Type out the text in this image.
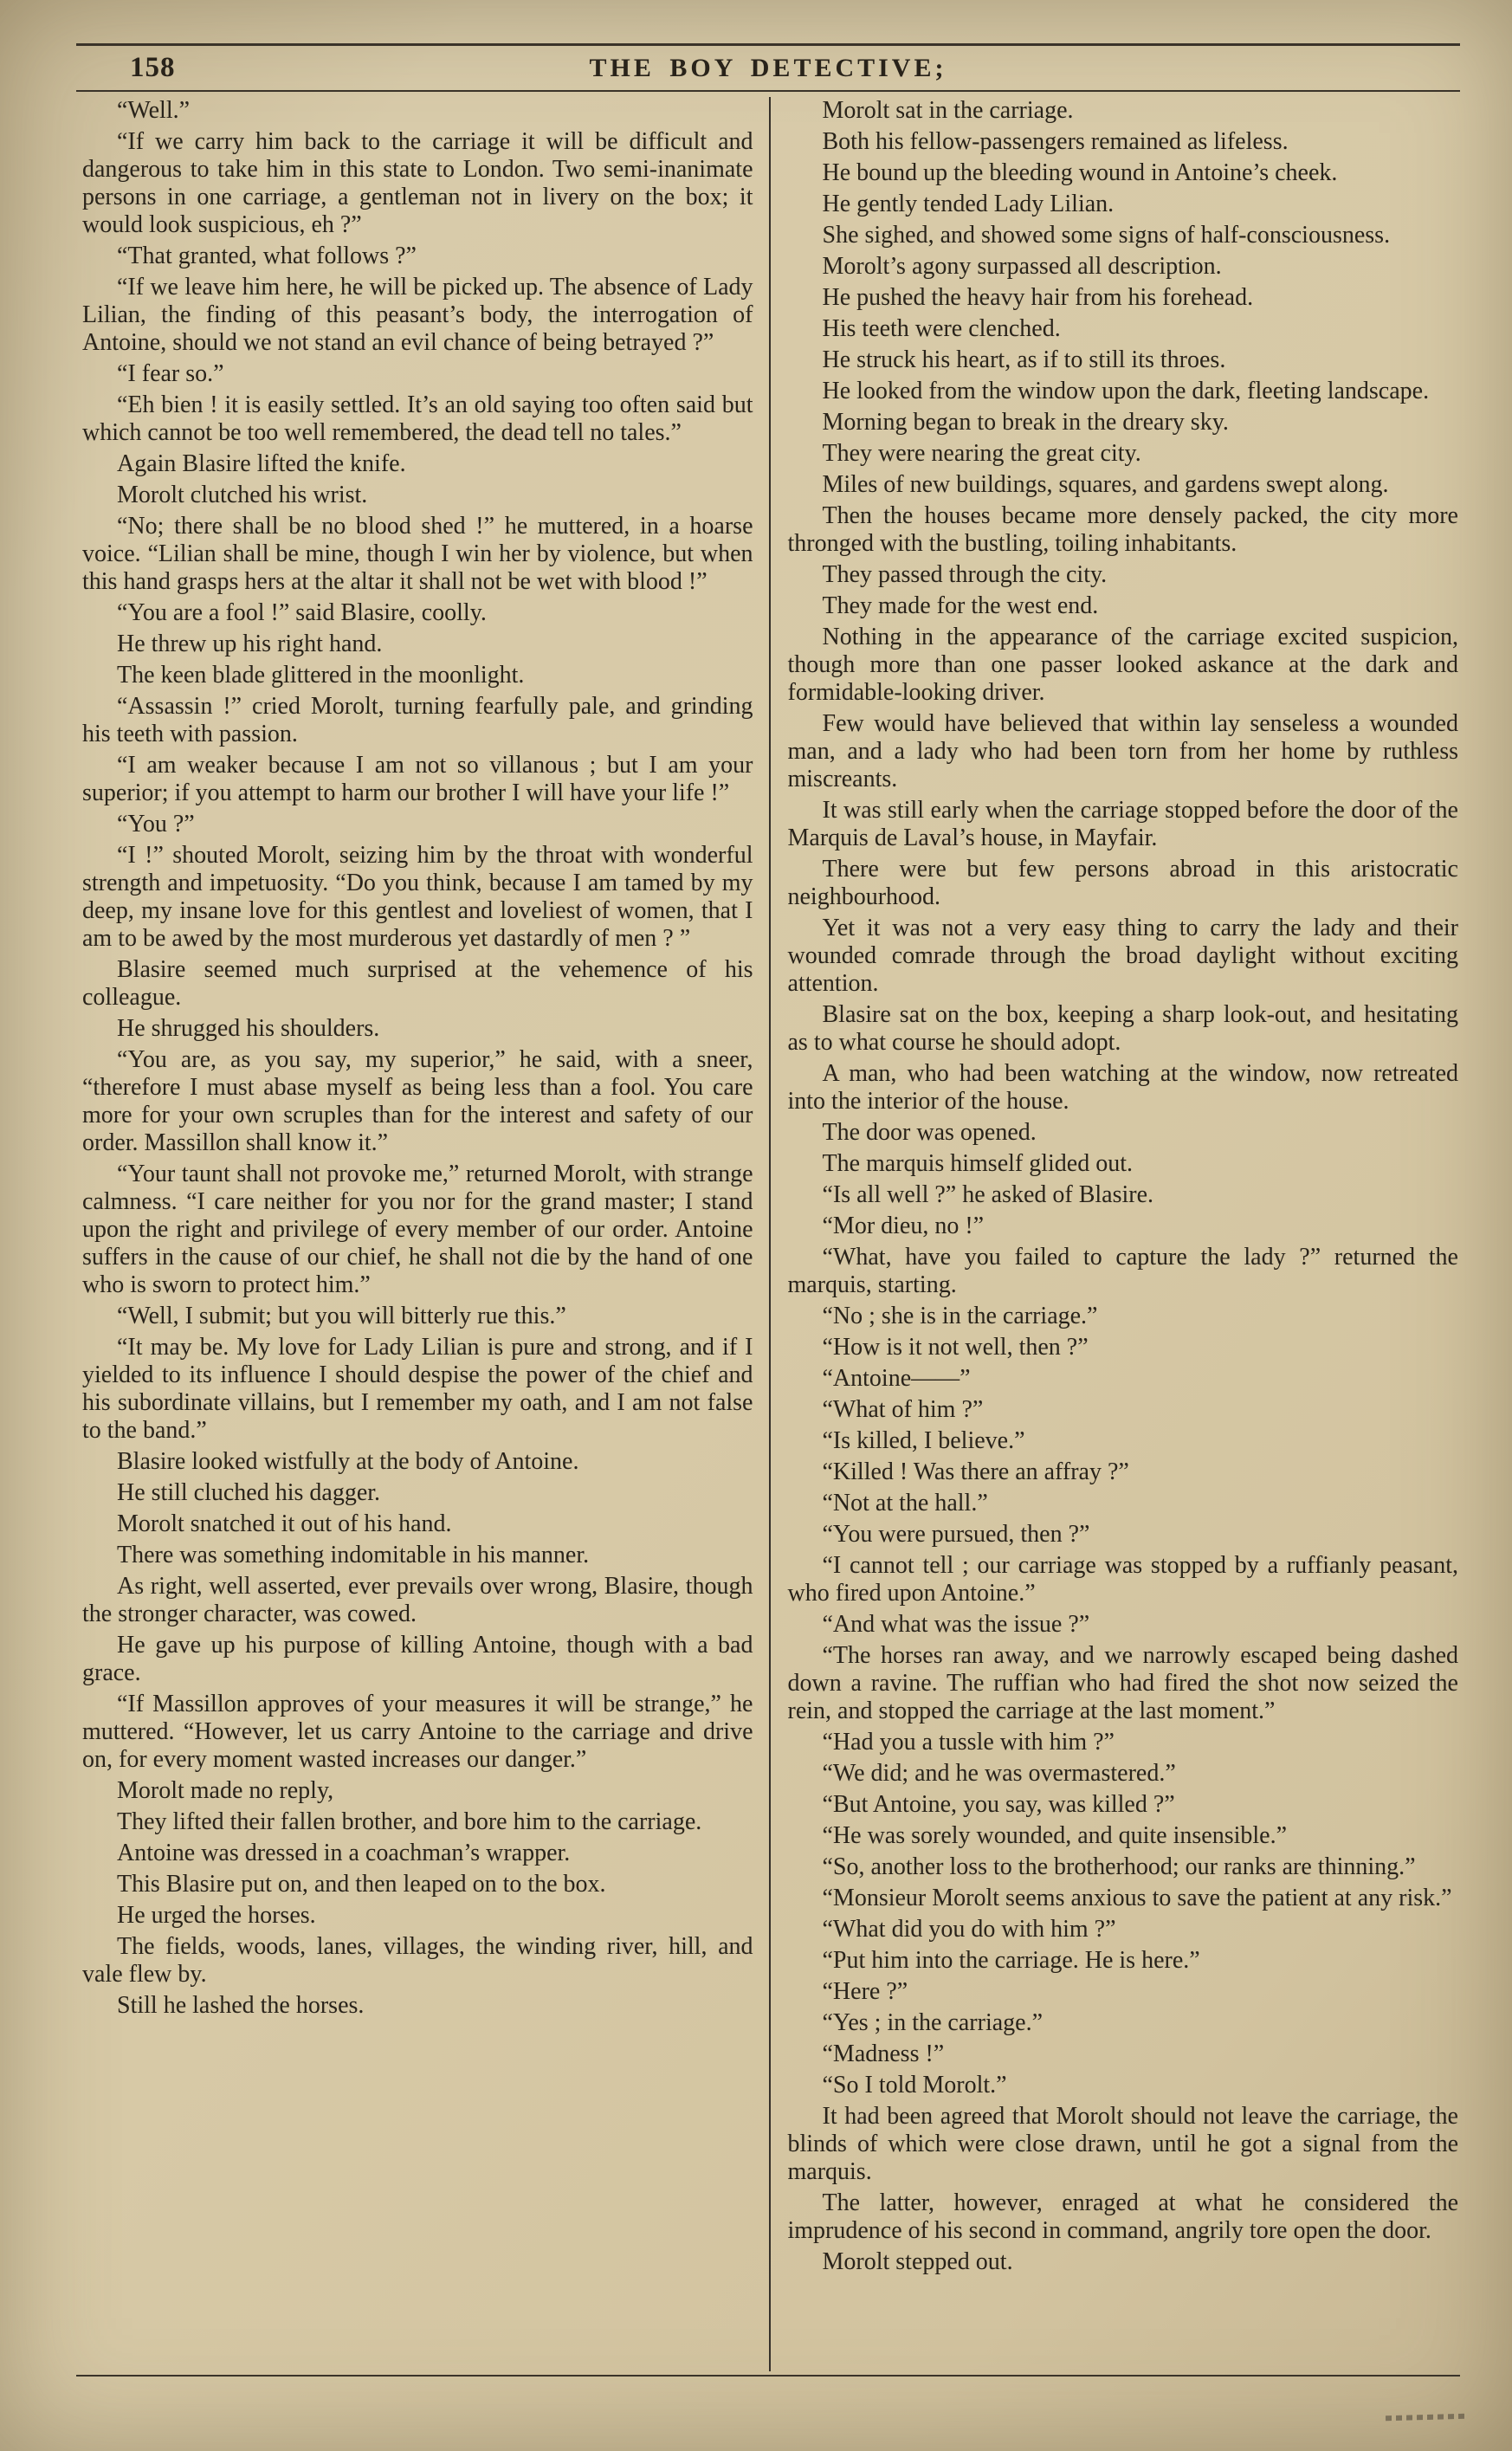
158	THE BOY DETECTIVE;

“Well.”

“If we carry him back to the carriage it will be difficult and dangerous to take him in this state to London. Two semi-inanimate persons in one carriage, a gentleman not in livery on the box; it would look suspicious, eh ?”

“That granted, what follows ?”

“If we leave him here, he will be picked up. The absence of Lady Lilian, the finding of this peasant’s body, the interrogation of Antoine, should we not stand an evil chance of being betrayed ?”

“I fear so.”

“Eh bien ! it is easily settled. It’s an old saying too often said but which cannot be too well remembered, the dead tell no tales.”

Again Blasire lifted the knife.

Morolt clutched his wrist.

“No; there shall be no blood shed !” he muttered, in a hoarse voice. “Lilian shall be mine, though I win her by violence, but when this hand grasps hers at the altar it shall not be wet with blood !”

“You are a fool !” said Blasire, coolly.

He threw up his right hand.

The keen blade glittered in the moonlight.

“Assassin !” cried Morolt, turning fearfully pale, and grinding his teeth with passion.

“I am weaker because I am not so villanous ; but I am your superior; if you attempt to harm our brother I will have your life !”

“You ?”

“I !” shouted Morolt, seizing him by the throat with wonderful strength and impetuosity. “Do you think, because I am tamed by my deep, my insane love for this gentlest and loveliest of women, that I am to be awed by the most murderous yet dastardly of men ? ”

Blasire seemed much surprised at the vehemence of his colleague.

He shrugged his shoulders.

“You are, as you say, my superior,” he said, with a sneer, “therefore I must abase myself as being less than a fool. You care more for your own scruples than for the interest and safety of our order. Massillon shall know it.”

“Your taunt shall not provoke me,” returned Morolt, with strange calmness. “I care neither for you nor for the grand master; I stand upon the right and privilege of every member of our order. Antoine suffers in the cause of our chief, he shall not die by the hand of one who is sworn to protect him.”

“Well, I submit; but you will bitterly rue this.”

“It may be. My love for Lady Lilian is pure and strong, and if I yielded to its influence I should despise the power of the chief and his subordinate villains, but I remember my oath, and I am not false to the band.”

Blasire looked wistfully at the body of Antoine.

He still cluched his dagger.

Morolt snatched it out of his hand.

There was something indomitable in his manner.

As right, well asserted, ever prevails over wrong, Blasire, though the stronger character, was cowed.

He gave up his purpose of killing Antoine, though with a bad grace.

“If Massillon approves of your measures it will be strange,” he muttered. “However, let us carry Antoine to the carriage and drive on, for every moment wasted increases our danger.”

Morolt made no reply,

They lifted their fallen brother, and bore him to the carriage.

Antoine was dressed in a coachman’s wrapper.

This Blasire put on, and then leaped on to the box.

He urged the horses.

The fields, woods, lanes, villages, the winding river, hill, and vale flew by.

Still he lashed the horses.

Morolt sat in the carriage.

Both his fellow-passengers remained as lifeless.

He bound up the bleeding wound in Antoine’s cheek.

He gently tended Lady Lilian.

She sighed, and showed some signs of half-consciousness.

Morolt’s agony surpassed all description.

He pushed the heavy hair from his forehead.

His teeth were clenched.

He struck his heart, as if to still its throes.

He looked from the window upon the dark, fleeting landscape.

Morning began to break in the dreary sky.

They were nearing the great city.

Miles of new buildings, squares, and gardens swept along.

Then the houses became more densely packed, the city more thronged with the bustling, toiling inhabitants.

They passed through the city.

They made for the west end.

Nothing in the appearance of the carriage excited suspicion, though more than one passer looked askance at the dark and formidable-looking driver.

Few would have believed that within lay senseless a wounded man, and a lady who had been torn from her home by ruthless miscreants.

It was still early when the carriage stopped before the door of the Marquis de Laval’s house, in Mayfair.

There were but few persons abroad in this aristocratic neighbourhood.

Yet it was not a very easy thing to carry the lady and their wounded comrade through the broad daylight without exciting attention.

Blasire sat on the box, keeping a sharp look-out, and hesitating as to what course he should adopt.

A man, who had been watching at the window, now retreated into the interior of the house.

The door was opened.

The marquis himself glided out.

“Is all well ?” he asked of Blasire.

“Mor dieu, no !”

“What, have you failed to capture the lady ?” returned the marquis, starting.

“No ; she is in the carriage.”

“How is it not well, then ?”

“Antoine——”

“What of him ?”

“Is killed, I believe.”

“Killed ! Was there an affray ?”

“Not at the hall.”

“You were pursued, then ?”

“I cannot tell ; our carriage was stopped by a ruffianly peasant, who fired upon Antoine.”

“And what was the issue ?”

“The horses ran away, and we narrowly escaped being dashed down a ravine. The ruffian who had fired the shot now seized the rein, and stopped the carriage at the last moment.”

“Had you a tussle with him ?”

“We did; and he was overmastered.”

“But Antoine, you say, was killed ?”

“He was sorely wounded, and quite insensible.”

“So, another loss to the brotherhood; our ranks are thinning.”

“Monsieur Morolt seems anxious to save the patient at any risk.”

“What did you do with him ?”

“Put him into the carriage. He is here.”

“Here ?”

“Yes ; in the carriage.”

“Madness !”

“So I told Morolt.”

It had been agreed that Morolt should not leave the carriage, the blinds of which were close drawn, until he got a signal from the marquis.

The latter, however, enraged at what he considered the imprudence of his second in command, angrily tore open the door.

Morolt stepped out.
